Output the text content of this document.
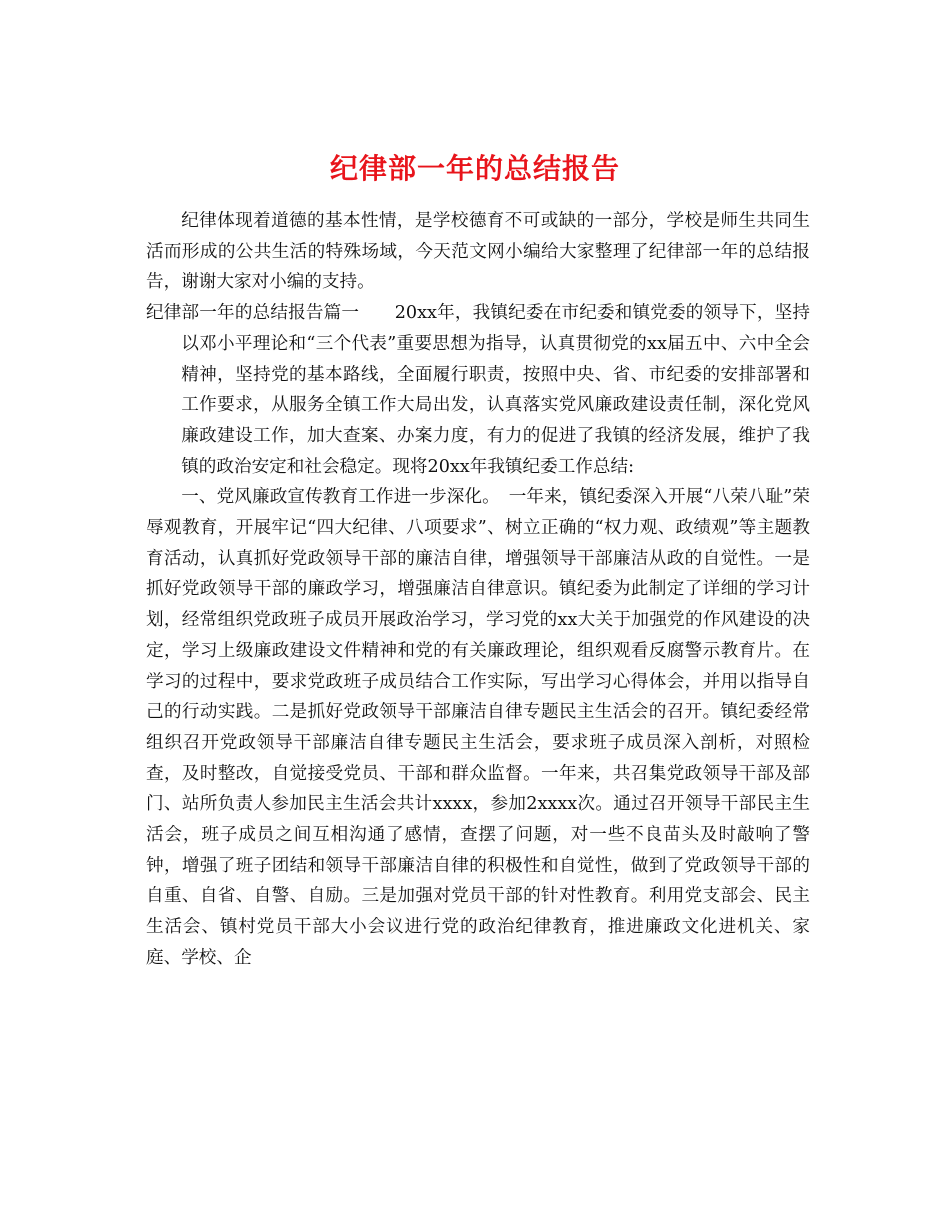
纪律部一年的总结报告

纪律体现着道德的基本性情，是学校德育不可或缺的一部分，学校是师生共同生活而形成的公共生活的特殊场域，今天范文网小编给大家整理了纪律部一年的总结报告，谢谢大家对小编的支持。

纪律部一年的总结报告篇一　　20xx年，我镇纪委在市纪委和镇党委的领导下，坚持以邓小平理论和“三个代表”重要思想为指导，认真贯彻党的xx届五中、六中全会精神，坚持党的基本路线，全面履行职责，按照中央、省、市纪委的安排部署和工作要求，从服务全镇工作大局出发，认真落实党风廉政建设责任制，深化党风廉政建设工作，加大查案、办案力度，有力的促进了我镇的经济发展，维护了我镇的政治安定和社会稳定。现将20xx年我镇纪委工作总结:

一、党风廉政宣传教育工作进一步深化。　一年来，镇纪委深入开展“八荣八耻”荣辱观教育，开展牢记“四大纪律、八项要求”、树立正确的“权力观、政绩观”等主题教育活动，认真抓好党政领导干部的廉洁自律，增强领导干部廉洁从政的自觉性。一是抓好党政领导干部的廉政学习，增强廉洁自律意识。镇纪委为此制定了详细的学习计划，经常组织党政班子成员开展政治学习，学习党的xx大关于加强党的作风建设的决定，学习上级廉政建设文件精神和党的有关廉政理论，组织观看反腐警示教育片。在学习的过程中，要求党政班子成员结合工作实际，写出学习心得体会，并用以指导自己的行动实践。二是抓好党政领导干部廉洁自律专题民主生活会的召开。镇纪委经常组织召开党政领导干部廉洁自律专题民主生活会，要求班子成员深入剖析，对照检查，及时整改，自觉接受党员、干部和群众监督。一年来，共召集党政领导干部及部门、站所负责人参加民主生活会共计xxxx，参加2xxxx次。通过召开领导干部民主生活会，班子成员之间互相沟通了感情，查摆了问题，对一些不良苗头及时敲响了警钟，增强了班子团结和领导干部廉洁自律的积极性和自觉性，做到了党政领导干部的自重、自省、自警、自励。三是加强对党员干部的针对性教育。利用党支部会、民主生活会、镇村党员干部大小会议进行党的政治纪律教育，推进廉政文化进机关、家庭、学校、企
